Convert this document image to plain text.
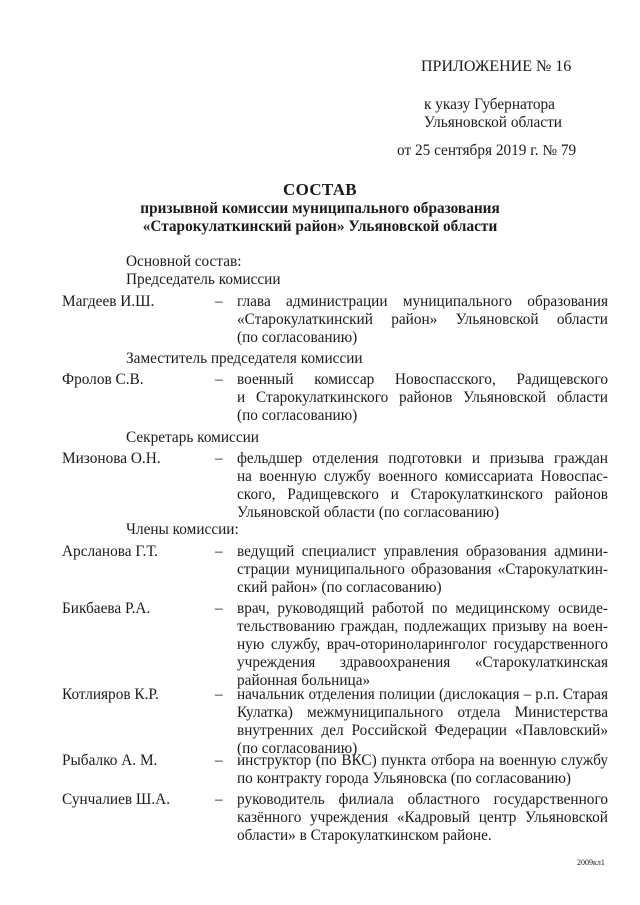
ПРИЛОЖЕНИЕ № 16
к указу Губернатора
Ульяновской области
от 25 сентября 2019 г. № 79
СОСТАВ
призывной комиссии муниципального образования
«Старокулаткинский район» Ульяновской области
Основной состав:
Председатель комиссии
Заместитель председателя комиссии
Секретарь комиссии
Члены комиссии:
Магдеев И.Ш.	– глава администрации муниципального образования
«Старокулаткинский район» Ульяновской области
(по согласованию)
Фролов С.В.	– военный комиссар Новоспасского, Радищевского
и Старокулаткинского районов Ульяновской области
(по согласованию)
Мизонова О.Н.	– фельдшер отделения подготовки и призыва граждан
на военную службу военного комиссариата Новоспас-
ского, Радищевского и Старокулаткинского районов
Ульяновской области (по согласованию)
Арсланова Г.Т.	– ведущий специалист управления образования админи-
страции муниципального образования «Старокулаткин-
ский район» (по согласованию)
Бикбаева Р.А.	– врач, руководящий работой по медицинскому освиде-
тельствованию граждан, подлежащих призыву на воен-
ную службу, врач-оториноларинголог государственного
учреждения здравоохранения «Старокулаткинская
районная больница»
Котлияров К.Р.	– начальник отделения полиции (дислокация – р.п. Старая
Кулатка) межмуниципального отдела Министерства
внутренних дел Российской Федерации «Павловский»
(по согласованию)
Рыбалко А. М.	– инструктор (по ВКС) пункта отбора на военную службу
по контракту города Ульяновска (по согласованию)
Сунчалиев Ш.А.	– руководитель филиала областного государственного
казённого учреждения «Кадровый центр Ульяновской
области» в Старокулаткинском районе.
2009кл1
